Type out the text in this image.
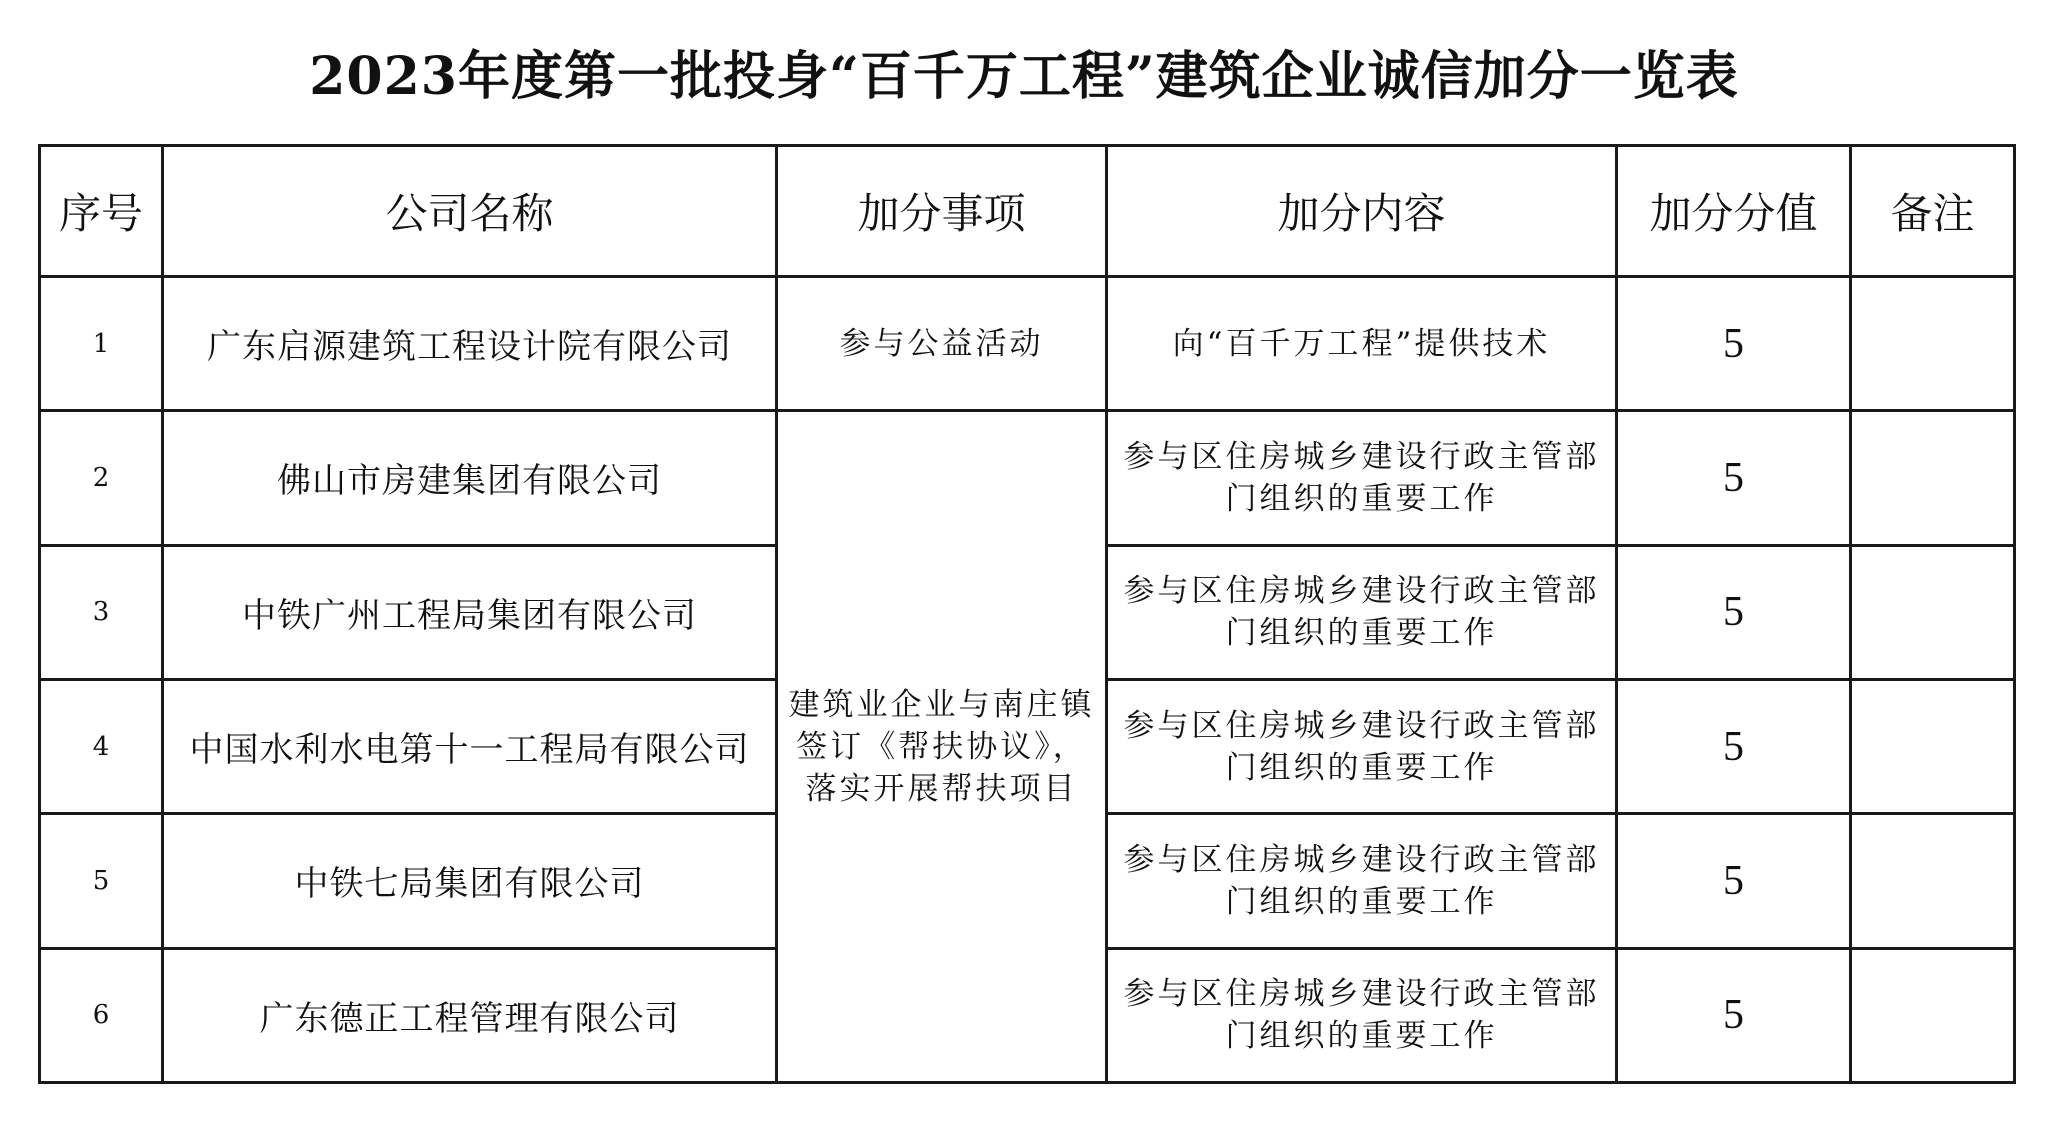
2023年度第一批投身“百千万工程”建筑企业诚信加分一览表
序号	公司名称	加分事项	加分内容	加分分值	备注
1	广东启源建筑工程设计院有限公司	参与公益活动	向“百千万工程”提供技术	5	
2	佛山市房建集团有限公司	建筑业企业与南庄镇签订《帮扶协议》，落实开展帮扶项目	参与区住房城乡建设行政主管部门组织的重要工作	5	
3	中铁广州工程局集团有限公司		参与区住房城乡建设行政主管部门组织的重要工作	5	
4	中国水利水电第十一工程局有限公司		参与区住房城乡建设行政主管部门组织的重要工作	5	
5	中铁七局集团有限公司		参与区住房城乡建设行政主管部门组织的重要工作	5	
6	广东德正工程管理有限公司		参与区住房城乡建设行政主管部门组织的重要工作	5	
